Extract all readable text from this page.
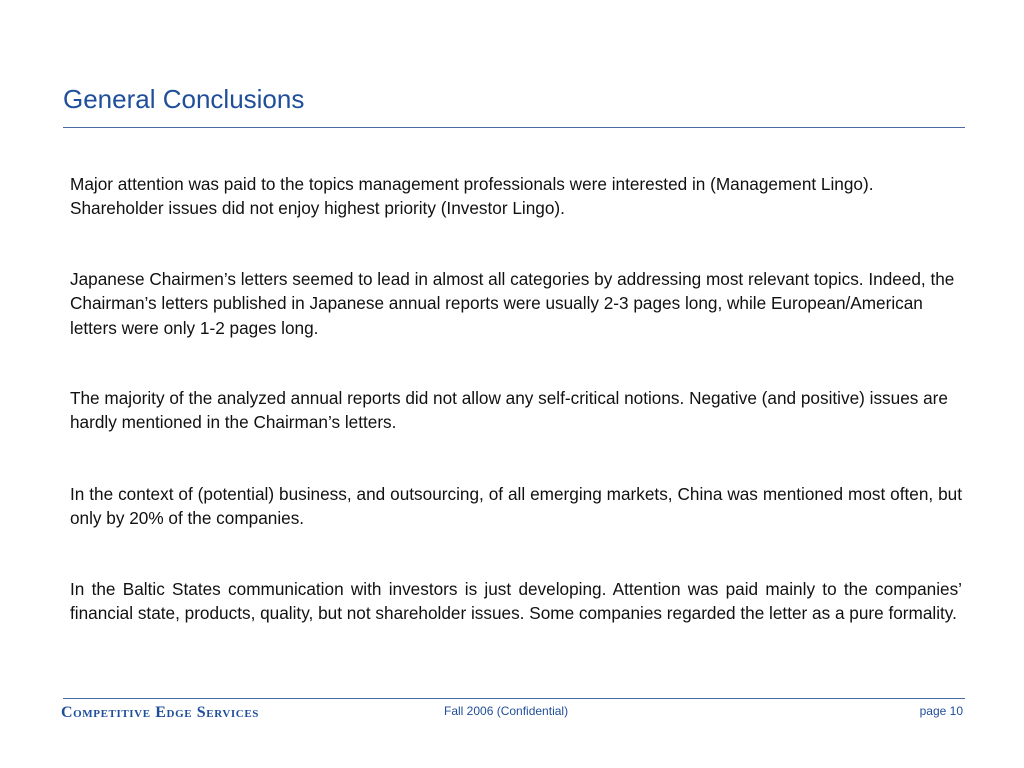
General Conclusions

Major attention was paid to the topics management professionals were interested in (Management Lingo). Shareholder issues did not enjoy highest priority (Investor Lingo).

Japanese Chairmen’s letters seemed to lead in almost all categories by addressing most relevant topics. Indeed, the Chairman’s letters published in Japanese annual reports were usually 2-3 pages long, while European/American letters were only 1-2 pages long.

The majority of the analyzed annual reports did not allow any self-critical notions. Negative (and positive) issues are hardly mentioned in the Chairman’s letters.

In the context of (potential) business, and outsourcing, of all emerging markets, China was mentioned most often, but only by 20% of the companies.

In the Baltic States communication with investors is just developing. Attention was paid mainly to the companies’ financial state, products, quality, but not shareholder issues. Some companies regarded the letter as a pure formality.

Competitive Edge Services	Fall 2006 (Confidential)	page 10
